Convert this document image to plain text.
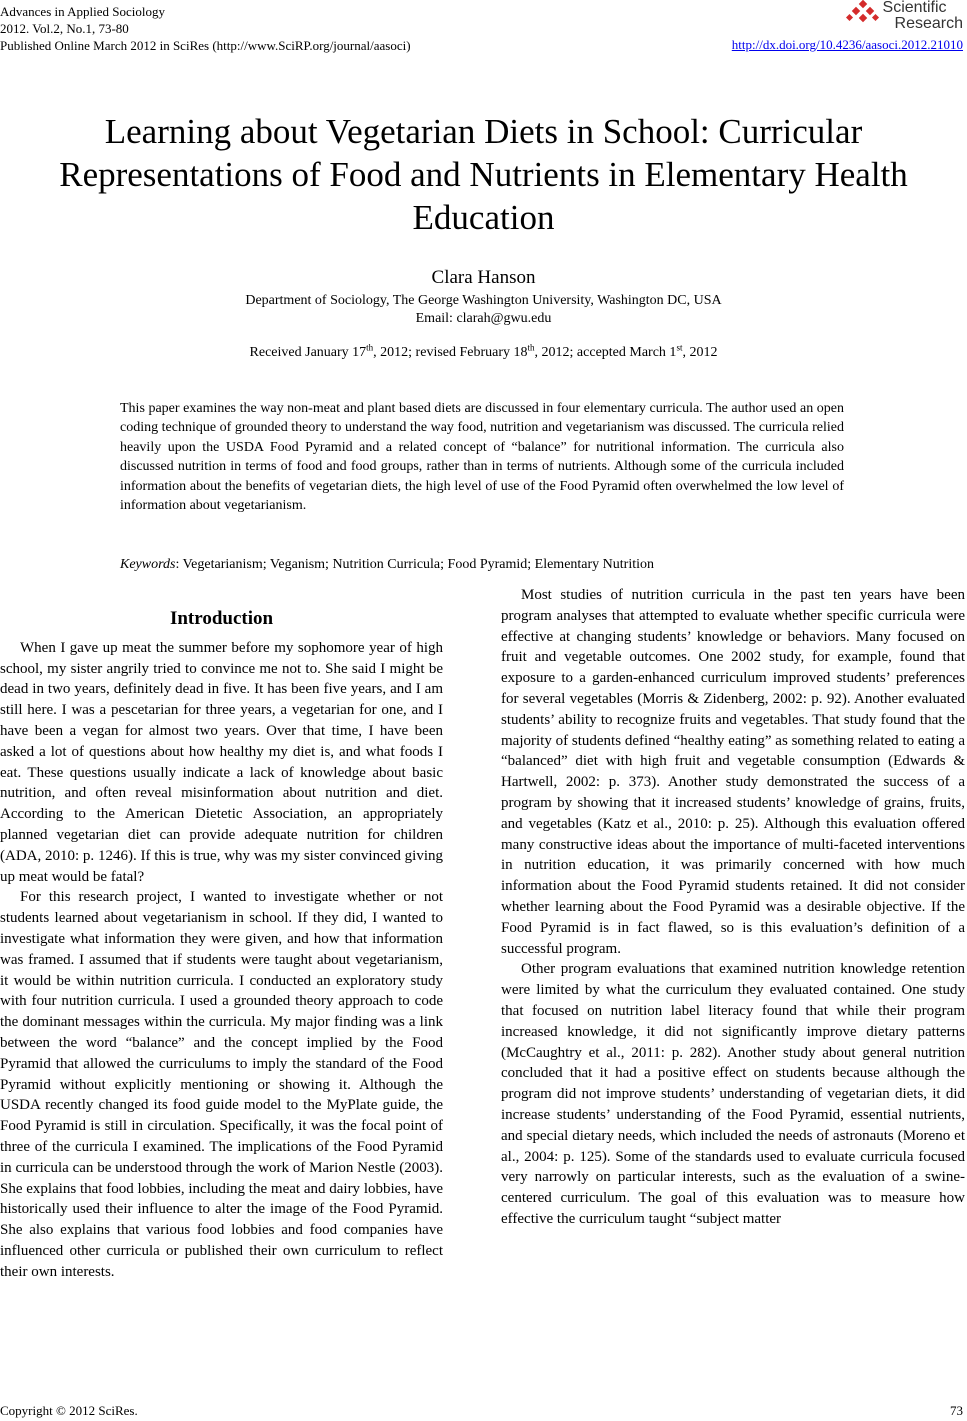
Advances in Applied Sociology
2012. Vol.2, No.1, 73-80
Published Online March 2012 in SciRes (http://www.SciRP.org/journal/aasoci)
Scientific
Research
http://dx.doi.org/10.4236/aasoci.2012.21010
Learning about Vegetarian Diets in School: Curricular Representations of Food and Nutrients in Elementary Health Education
Clara Hanson
Department of Sociology, The George Washington University, Washington DC, USA
Email: clarah@gwu.edu
Received January 17th, 2012; revised February 18th, 2012; accepted March 1st, 2012
This paper examines the way non-meat and plant based diets are discussed in four elementary curricula. The author used an open coding technique of grounded theory to understand the way food, nutrition and vegetarianism was discussed. The curricula relied heavily upon the USDA Food Pyramid and a related concept of “balance” for nutritional information. The curricula also discussed nutrition in terms of food and food groups, rather than in terms of nutrients. Although some of the curricula included information about the benefits of vegetarian diets, the high level of use of the Food Pyramid often overwhelmed the low level of information about vegetarianism.
Keywords: Vegetarianism; Veganism; Nutrition Curricula; Food Pyramid; Elementary Nutrition
Introduction

When I gave up meat the summer before my sophomore year of high school, my sister angrily tried to convince me not to. She said I might be dead in two years, definitely dead in five. It has been five years, and I am still here. I was a pescetarian for three years, a vegetarian for one, and I have been a vegan for almost two years. Over that time, I have been asked a lot of questions about how healthy my diet is, and what foods I eat. These questions usually indicate a lack of knowledge about basic nutrition, and often reveal misinformation about nutrition and diet. According to the American Dietetic Association, an appropriately planned vegetarian diet can provide adequate nutrition for children (ADA, 2010: p. 1246). If this is true, why was my sister convinced giving up meat would be fatal?

For this research project, I wanted to investigate whether or not students learned about vegetarianism in school. If they did, I wanted to investigate what information they were given, and how that information was framed. I assumed that if students were taught about vegetarianism, it would be within nutrition curricula. I conducted an exploratory study with four nutrition curricula. I used a grounded theory approach to code the dominant messages within the curricula. My major finding was a link between the word “balance” and the concept implied by the Food Pyramid that allowed the curriculums to imply the standard of the Food Pyramid without explicitly mentioning or showing it. Although the USDA recently changed its food guide model to the MyPlate guide, the Food Pyramid is still in circulation. Specifically, it was the focal point of three of the curricula I examined. The implications of the Food Pyramid in curricula can be understood through the work of Marion Nestle (2003). She explains that food lobbies, including the meat and dairy lobbies, have historically used their influence to alter the image of the Food Pyramid. She also explains that various food lobbies and food companies have influenced other curricula or published their own curriculum to reflect their own interests.

Most studies of nutrition curricula in the past ten years have been program analyses that attempted to evaluate whether specific curricula were effective at changing students’ knowledge or behaviors. Many focused on fruit and vegetable outcomes. One 2002 study, for example, found that exposure to a garden-enhanced curriculum improved students’ preferences for several vegetables (Morris & Zidenberg, 2002: p. 92). Another evaluated students’ ability to recognize fruits and vegetables. That study found that the majority of students defined “healthy eating” as something related to eating a “balanced” diet with high fruit and vegetable consumption (Edwards & Hartwell, 2002: p. 373). Another study demonstrated the success of a program by showing that it increased students’ knowledge of grains, fruits, and vegetables (Katz et al., 2010: p. 25). Although this evaluation offered many constructive ideas about the importance of multi-faceted interventions in nutrition education, it was primarily concerned with how much information about the Food Pyramid students retained. It did not consider whether learning about the Food Pyramid was a desirable objective. If the Food Pyramid is in fact flawed, so is this evaluation’s definition of a successful program.

Other program evaluations that examined nutrition knowledge retention were limited by what the curriculum they evaluated contained. One study that focused on nutrition label literacy found that while their program increased knowledge, it did not significantly improve dietary patterns (McCaughtry et al., 2011: p. 282). Another study about general nutrition concluded that it had a positive effect on students because although the program did not improve students’ understanding of vegetarian diets, it did increase students’ understanding of the Food Pyramid, essential nutrients, and special dietary needs, which included the needs of astronauts (Moreno et al., 2004: p. 125). Some of the standards used to evaluate curricula focused very narrowly on particular interests, such as the evaluation of a swine-centered curriculum. The goal of this evaluation was to measure how effective the curriculum taught “subject matter

Copyright © 2012 SciRes.	73
